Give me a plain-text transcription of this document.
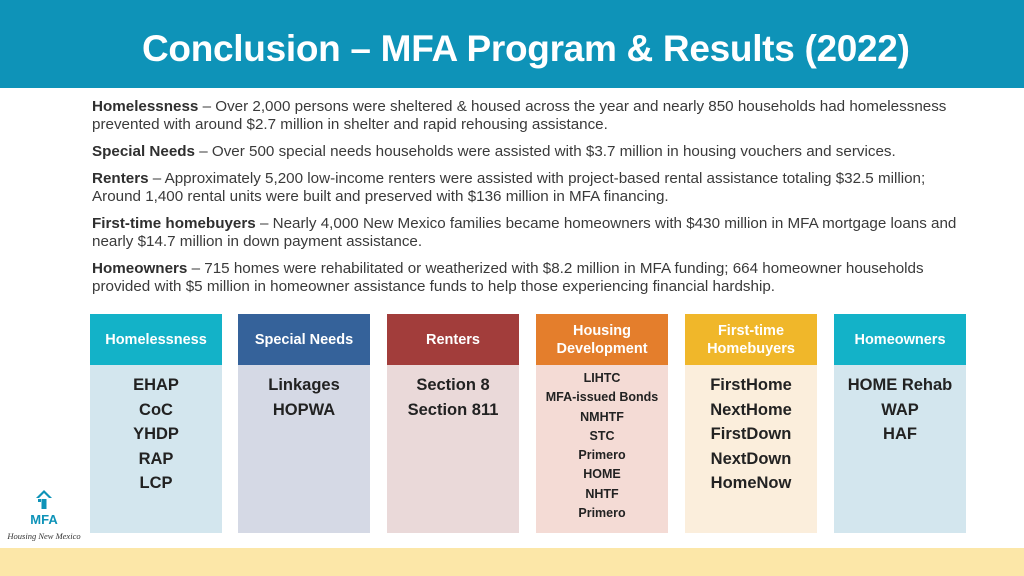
Conclusion – MFA Program & Results (2022)

Homelessness – Over 2,000 persons were sheltered & housed across the year and nearly 850 households had homelessness prevented with around $2.7 million in shelter and rapid rehousing assistance.

Special Needs – Over 500 special needs households were assisted with $3.7 million in housing vouchers and services.

Renters – Approximately 5,200 low-income renters were assisted with project-based rental assistance totaling $32.5 million; Around 1,400 rental units were built and preserved with $136 million in MFA financing.

First-time homebuyers – Nearly 4,000 New Mexico families became homeowners with $430 million in MFA mortgage loans and nearly $14.7 million in down payment assistance.

Homeowners – 715 homes were rehabilitated or weatherized with $8.2 million in MFA funding; 664 homeowner households provided with $5 million in homeowner assistance funds to help those experiencing financial hardship.

Homelessness
EHAP
CoC
YHDP
RAP
LCP
Special Needs
Linkages
HOPWA
Renters
Section 8
Section 811
Housing Development
LIHTC
MFA-issued Bonds
NMHTF
STC
Primero
HOME
NHTF
Primero
First-time Homebuyers
FirstHome
NextHome
FirstDown
NextDown
HomeNow
Homeowners
HOME Rehab
WAP
HAF
MFA
Housing New Mexico
